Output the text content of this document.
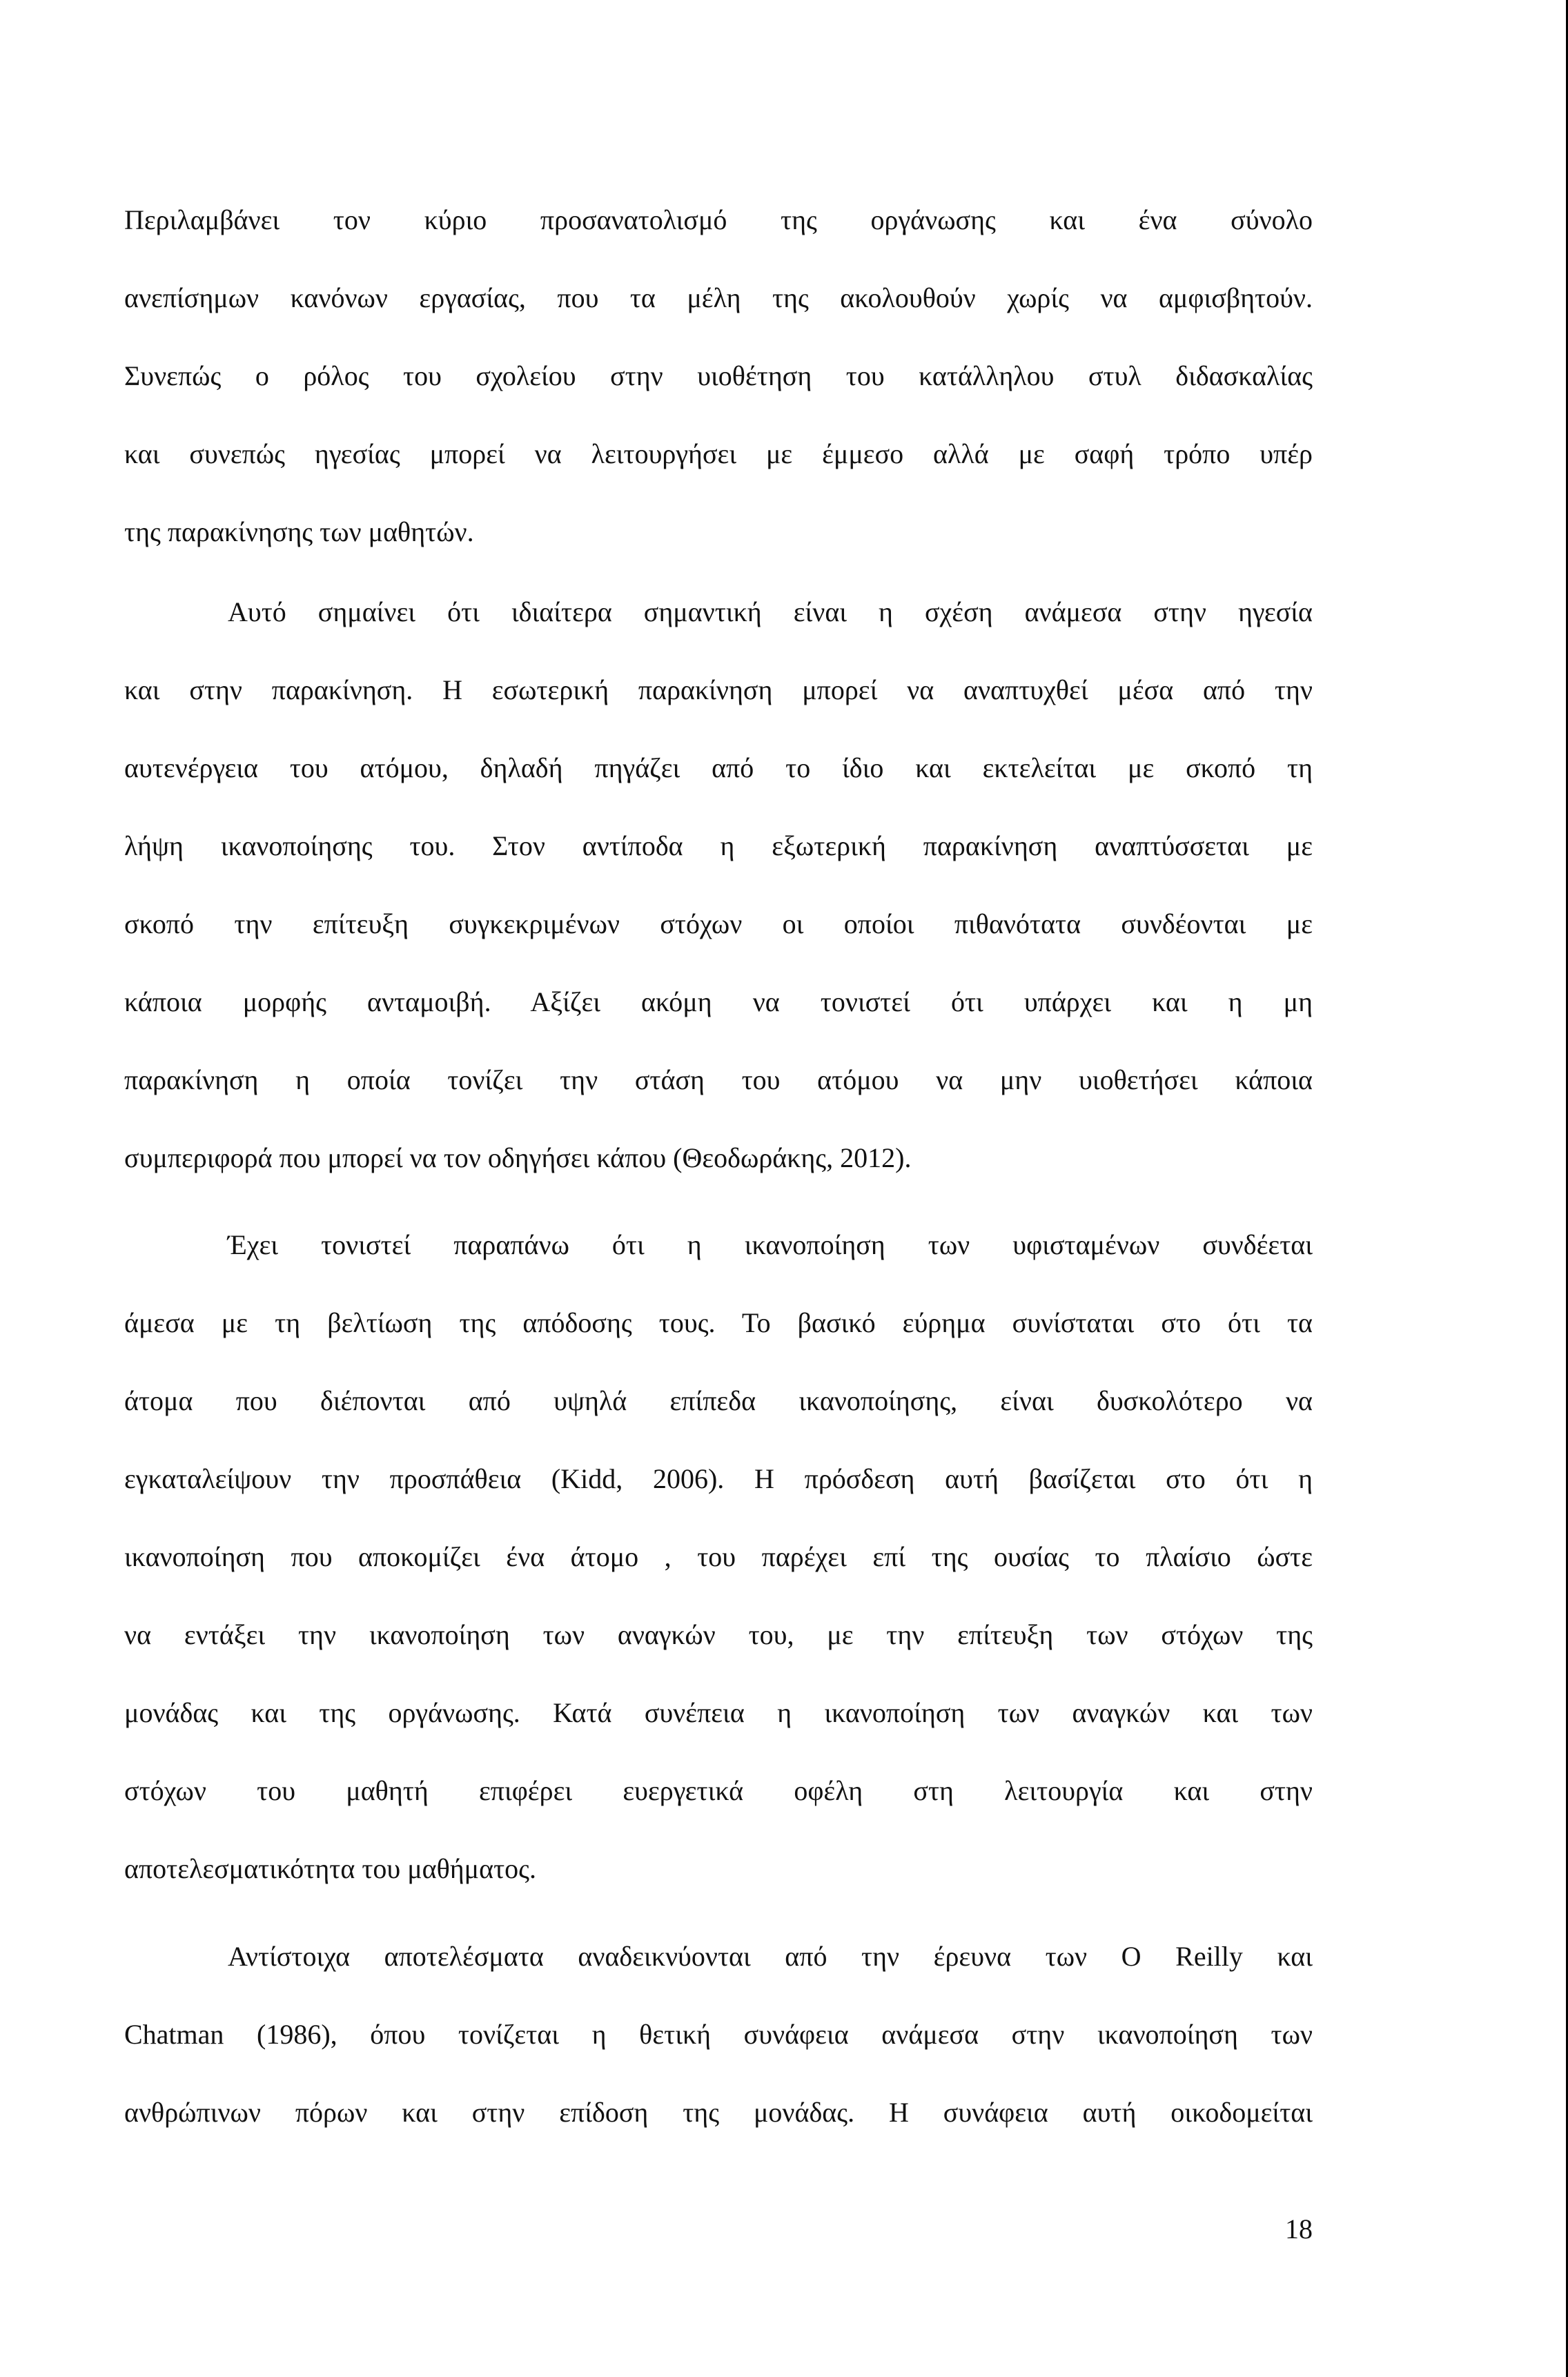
Περιλαμβάνει τον κύριο προσανατολισμό της οργάνωσης και ένα σύνολο
ανεπίσημων κανόνων εργασίας, που τα μέλη της ακολουθούν χωρίς να αμφισβητούν.
Συνεπώς ο ρόλος του σχολείου στην υιοθέτηση του κατάλληλου στυλ διδασκαλίας
και συνεπώς ηγεσίας μπορεί να λειτουργήσει με έμμεσο αλλά με σαφή τρόπο υπέρ
της παρακίνησης των μαθητών.
Αυτό σημαίνει ότι ιδιαίτερα σημαντική είναι η σχέση ανάμεσα στην ηγεσία
και στην παρακίνηση. Η εσωτερική παρακίνηση μπορεί να αναπτυχθεί μέσα από την
αυτενέργεια του ατόμου, δηλαδή πηγάζει από το ίδιο και εκτελείται με σκοπό τη
λήψη ικανοποίησης του. Στον αντίποδα η εξωτερική παρακίνηση αναπτύσσεται με
σκοπό την επίτευξη συγκεκριμένων στόχων οι οποίοι πιθανότατα συνδέονται με
κάποια μορφής ανταμοιβή. Αξίζει ακόμη να τονιστεί ότι υπάρχει και η μη
παρακίνηση η οποία τονίζει την στάση του ατόμου να μην υιοθετήσει κάποια
συμπεριφορά που μπορεί να τον οδηγήσει κάπου (Θεοδωράκης, 2012).
Έχει τονιστεί παραπάνω ότι η ικανοποίηση των υφισταμένων συνδέεται
άμεσα με τη βελτίωση της απόδοσης τους. Το βασικό εύρημα συνίσταται στο ότι τα
άτομα που διέπονται από υψηλά επίπεδα ικανοποίησης, είναι δυσκολότερο να
εγκαταλείψουν την προσπάθεια (Kidd, 2006). Η πρόσδεση αυτή βασίζεται στο ότι η
ικανοποίηση που αποκομίζει ένα άτομο , του παρέχει επί της ουσίας το πλαίσιο ώστε
να εντάξει την ικανοποίηση των αναγκών του, με την επίτευξη των στόχων της
μονάδας και της οργάνωσης. Κατά συνέπεια η ικανοποίηση των αναγκών και των
στόχων του μαθητή επιφέρει ευεργετικά οφέλη στη λειτουργία και στην
αποτελεσματικότητα του μαθήματος.
Αντίστοιχα αποτελέσματα αναδεικνύονται από την έρευνα των O Reilly και
Chatman (1986), όπου τονίζεται η θετική συνάφεια ανάμεσα στην ικανοποίηση των
ανθρώπινων πόρων και στην επίδοση της μονάδας. Η συνάφεια αυτή οικοδομείται
18
